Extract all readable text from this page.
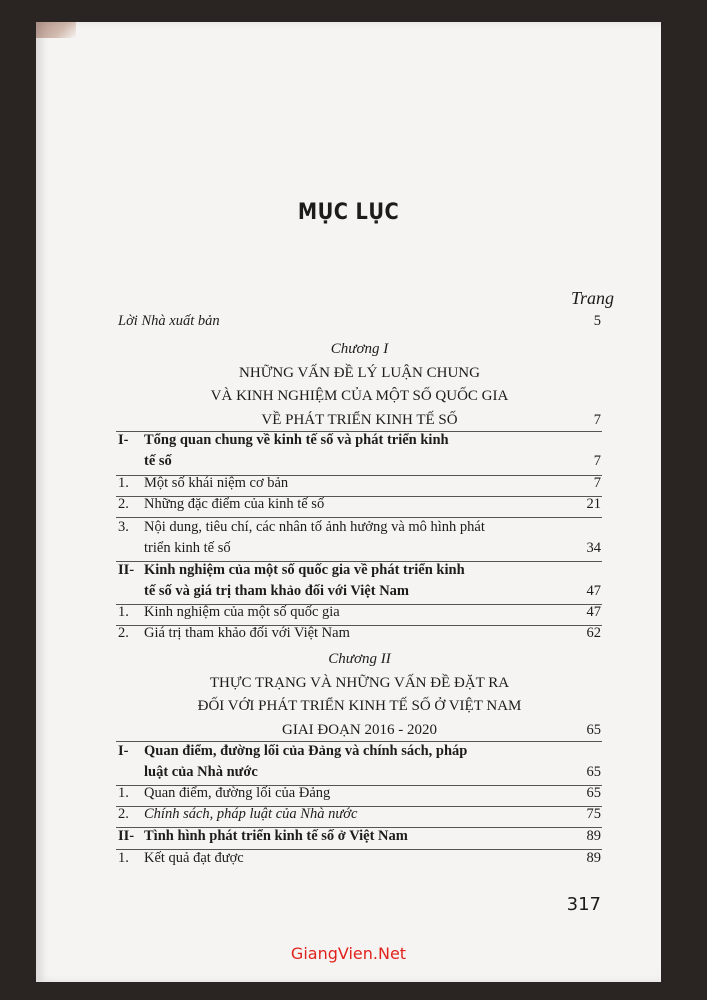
MỤC LỤC
Trang
Lời Nhà xuất bản	5
Chương I
NHỮNG VẤN ĐỀ LÝ LUẬN CHUNG
VÀ KINH NGHIỆM CỦA MỘT SỐ QUỐC GIA
VỀ PHÁT TRIỂN KINH TẾ SỐ	7
I- Tổng quan chung về kinh tế số và phát triển kinh
tế số	7
1. Một số khái niệm cơ bản	7
2. Những đặc điểm của kinh tế số	21
3. Nội dung, tiêu chí, các nhân tố ảnh hưởng và mô hình phát
triển kinh tế số	34
II- Kinh nghiệm của một số quốc gia về phát triển kinh
tế số và giá trị tham khảo đối với Việt Nam	47
1. Kinh nghiệm của một số quốc gia	47
2. Giá trị tham khảo đối với Việt Nam	62
Chương II
THỰC TRẠNG VÀ NHỮNG VẤN ĐỀ ĐẶT RA
ĐỐI VỚI PHÁT TRIỂN KINH TẾ SỐ Ở VIỆT NAM
GIAI ĐOẠN 2016 - 2020	65
I- Quan điểm, đường lối của Đảng và chính sách, pháp
luật của Nhà nước	65
1. Quan điểm, đường lối của Đảng	65
2. Chính sách, pháp luật của Nhà nước	75
II- Tình hình phát triển kinh tế số ở Việt Nam	89
1. Kết quả đạt được	89
317
GiangVien.Net
